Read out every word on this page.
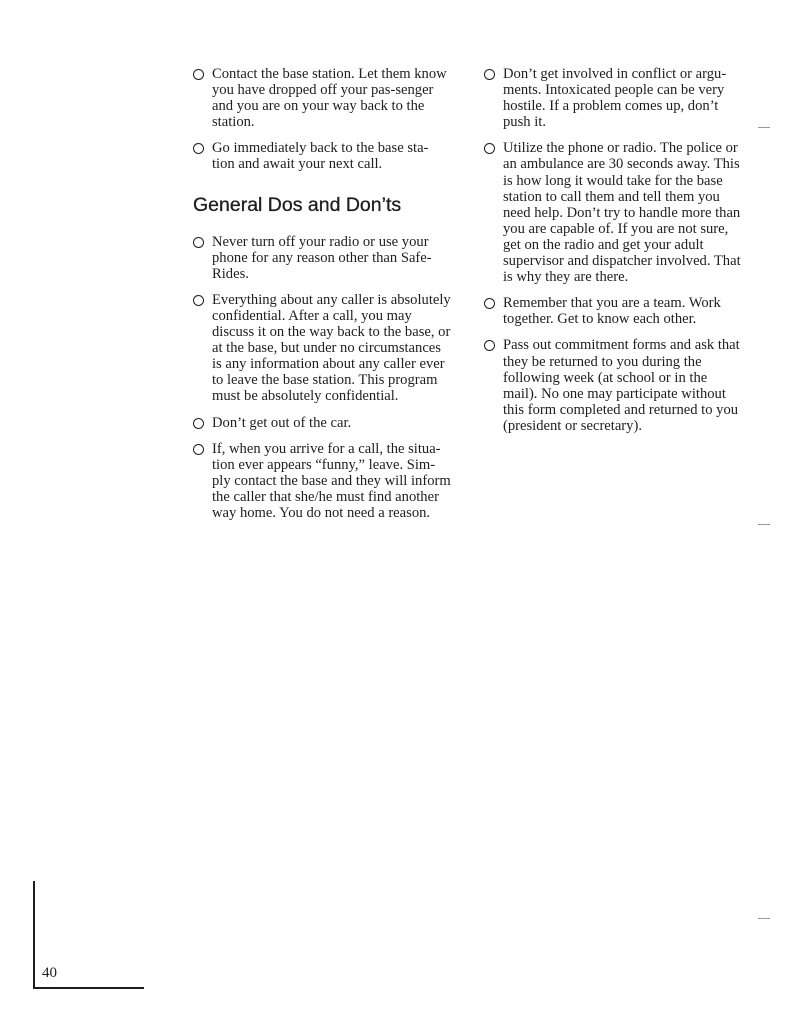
Contact the base station. Let them know you have dropped off your pas-senger and you are on your way back to the station.
Go immediately back to the base sta-tion and await your next call.
General Dos and Don’ts
Never turn off your radio or use your phone for any reason other than Safe-Rides.
Everything about any caller is absolutely confidential. After a call, you may discuss it on the way back to the base, or at the base, but under no circumstances is any information about any caller ever to leave the base station. This program must be absolutely confidential.
Don’t get out of the car.
If, when you arrive for a call, the situa-tion ever appears “funny,” leave. Sim-ply contact the base and they will inform the caller that she/he must find another way home. You do not need a reason.
Don’t get involved in conflict or argu-ments. Intoxicated people can be very hostile. If a problem comes up, don’t push it.
Utilize the phone or radio. The police or an ambulance are 30 seconds away. This is how long it would take for the base station to call them and tell them you need help. Don’t try to handle more than you are capable of. If you are not sure, get on the radio and get your adult supervisor and dispatcher involved. That is why they are there.
Remember that you are a team. Work together. Get to know each other.
Pass out commitment forms and ask that they be returned to you during the following week (at school or in the mail). No one may participate without this form completed and returned to you (president or secretary).
40
